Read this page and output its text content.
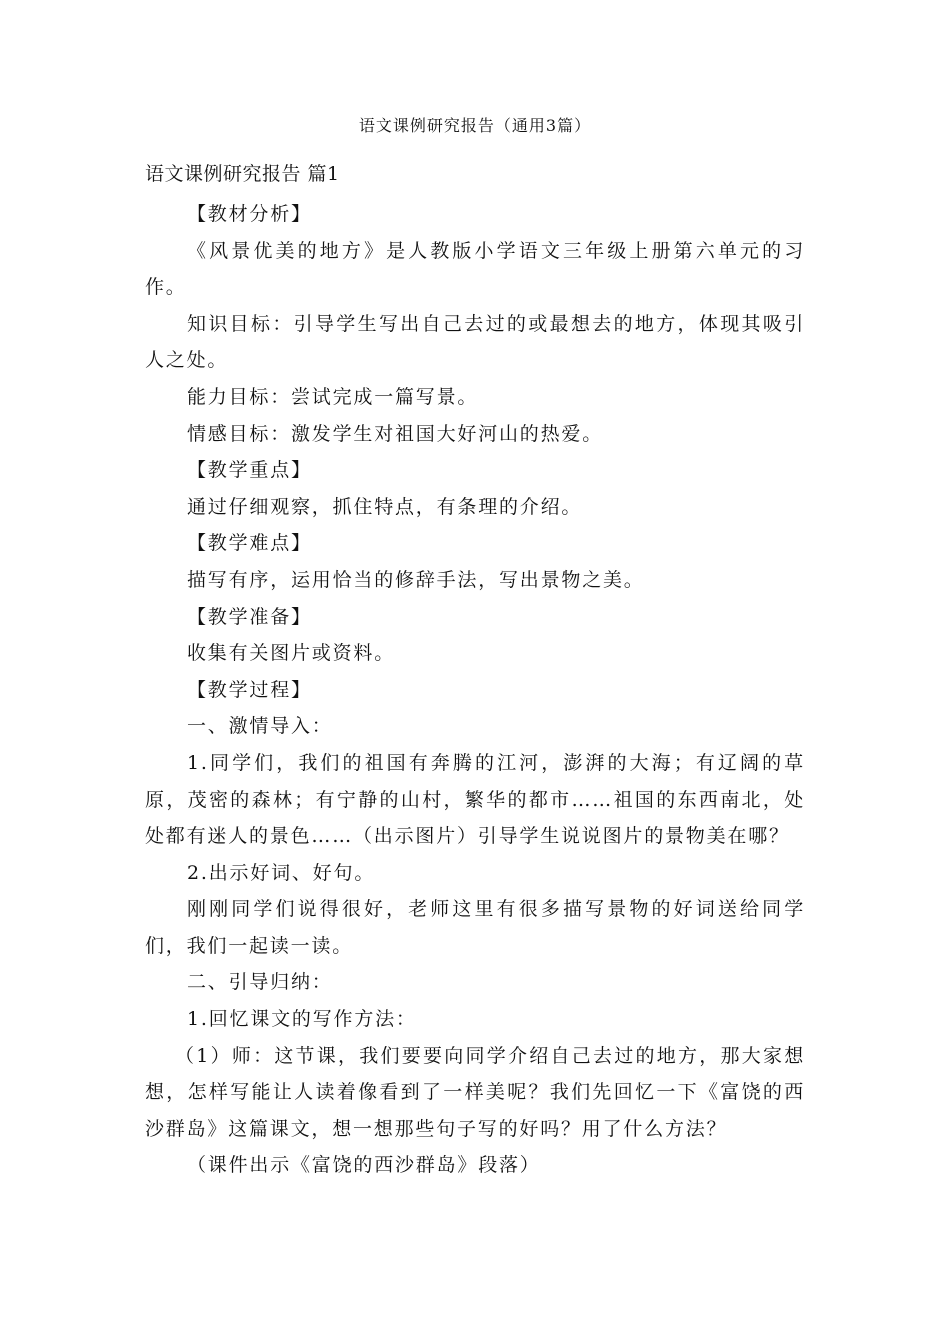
语文课例研究报告（通用3篇）
语文课例研究报告 篇1

【教材分析】

《风景优美的地方》是人教版小学语文三年级上册第六单元的习作。

知识目标：引导学生写出自己去过的或最想去的地方，体现其吸引人之处。

能力目标：尝试完成一篇写景。

情感目标：激发学生对祖国大好河山的热爱。

【教学重点】

通过仔细观察，抓住特点，有条理的介绍。

【教学难点】

描写有序，运用恰当的修辞手法，写出景物之美。

【教学准备】

收集有关图片或资料。

【教学过程】

一、激情导入：

1.同学们，我们的祖国有奔腾的江河，澎湃的大海；有辽阔的草原，茂密的森林；有宁静的山村，繁华的都市……祖国的东西南北，处处都有迷人的景色……（出示图片）引导学生说说图片的景物美在哪？

2.出示好词、好句。

刚刚同学们说得很好，老师这里有很多描写景物的好词送给同学们，我们一起读一读。

二、引导归纳：

1.回忆课文的写作方法：

（1）师：这节课，我们要要向同学介绍自己去过的地方，那大家想想，怎样写能让人读着像看到了一样美呢？我们先回忆一下《富饶的西沙群岛》这篇课文，想一想那些句子写的好吗？用了什么方法？

（课件出示《富饶的西沙群岛》段落）
